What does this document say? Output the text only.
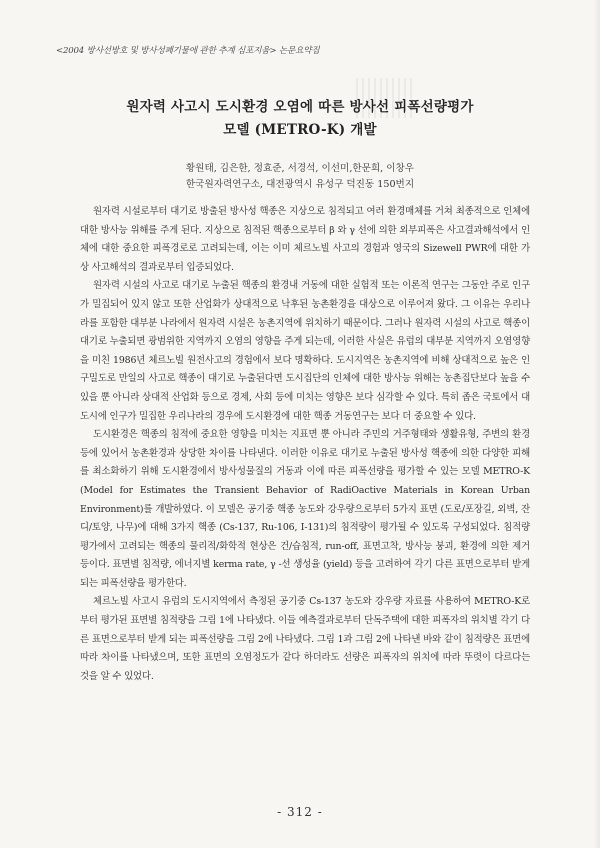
<2004 방사선방호 및 방사성폐기물에 관한 추계 심포지움> 논문요약집
원자력 사고시 도시환경 오염에 따른 방사선 피폭선량평가
모델 (METRO-K) 개발
황원태, 김은한, 정효준, 서경석, 이선미,한문희, 이창우
한국원자력연구소, 대전광역시 유성구 덕진동 150번지

원자력 시설로부터 대기로 방출된 방사성 핵종은 지상으로 침적되고 여러 환경매체를 거쳐 최종적으로 인체에 대한 방사능 위해를 주게 된다. 지상으로 침적된 핵종으로부터 β 와 γ 선에 의한 외부피폭은 사고결과해석에서 인체에 대한 중요한 피폭경로로 고려되는데, 이는 이미 체르노빌 사고의 경험과 영국의 Sizewell PWR에 대한 가상 사고해석의 결과로부터 입증되었다.

원자력 시설의 사고로 대기로 누출된 핵종의 환경내 거동에 대한 실험적 또는 이론적 연구는 그동안 주로 인구가 밀집되어 있지 않고 또한 산업화가 상대적으로 낙후된 농촌환경을 대상으로 이루어져 왔다. 그 이유는 우리나라를 포함한 대부분 나라에서 원자력 시설은 농촌지역에 위치하기 때문이다. 그러나 원자력 시설의 사고로 핵종이 대기로 누출되면 광범위한 지역까지 오염의 영향을 주게 되는데, 이러한 사실은 유럽의 대부분 지역까지 오염영향을 미친 1986년 체르노빌 원전사고의 경험에서 보다 명확하다. 도시지역은 농촌지역에 비해 상대적으로 높은 인구밀도로 만일의 사고로 핵종이 대기로 누출된다면 도시집단의 인체에 대한 방사능 위해는 농촌집단보다 높을 수 있을 뿐 아니라 상대적 산업화 등으로 경제, 사회 등에 미치는 영향은 보다 심각할 수 있다. 특히 좁은 국토에서 대도시에 인구가 밀집한 우리나라의 경우에 도시환경에 대한 핵종 거동연구는 보다 더 중요할 수 있다.

도시환경은 핵종의 침적에 중요한 영향을 미치는 지표면 뿐 아니라 주민의 거주형태와 생활유형, 주변의 환경 등에 있어서 농촌환경과 상당한 차이를 나타낸다. 이러한 이유로 대기로 누출된 방사성 핵종에 의한 다양한 피해를 최소화하기 위해 도시환경에서 방사성물질의 거동과 이에 따른 피폭선량을 평가할 수 있는 모델 METRO-K (Model for Estimates the Transient Behavior of RadiOactive Materials in Korean Urban Environment)를 개발하였다. 이 모델은 공기중 핵종 농도와 강우량으로부터 5가지 표면 (도로/포장길, 외벽, 잔디/토양, 나무)에 대해 3가지 핵종 (Cs-137, Ru-106, I-131)의 침적량이 평가될 수 있도록 구성되었다. 침적량 평가에서 고려되는 핵종의 물리적/화학적 현상은 건/습침적, run-off, 표면고착, 방사능 붕괴, 환경에 의한 제거 등이다. 표면별 침적량, 에너지별 kerma rate, γ -선 생성율 (yield) 등을 고려하여 각기 다른 표면으로부터 받게 되는 피폭선량을 평가한다.

체르노빌 사고시 유럽의 도시지역에서 측정된 공기중 Cs-137 농도와 강우량 자료를 사용하여 METRO-K로부터 평가된 표면별 침적량을 그림 1에 나타냈다. 이들 예측결과로부터 단독주택에 대한 피폭자의 위치별 각기 다른 표면으로부터 받게 되는 피폭선량을 그림 2에 나타냈다. 그림 1과 그림 2에 나타낸 바와 같이 침적량은 표면에 따라 차이를 나타냈으며, 또한 표면의 오염정도가 같다 하더라도 선량은 피폭자의 위치에 따라 뚜렷이 다르다는 것을 알 수 있었다.

- 312 -
